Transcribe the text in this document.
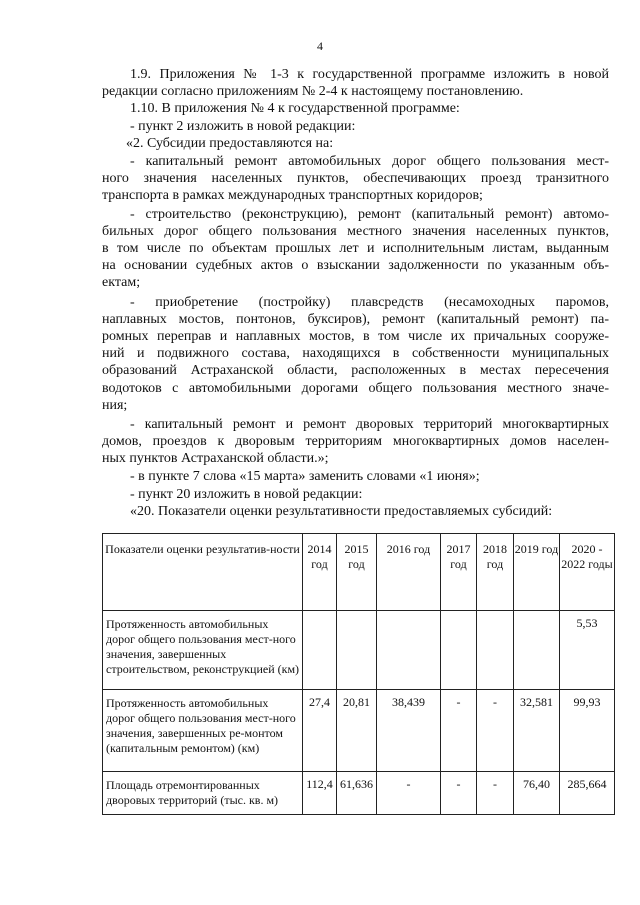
4
1.9. Приложения № 1-3 к государственной программе изложить в новой
редакции согласно приложениям № 2-4 к настоящему постановлению.
1.10. В приложения № 4 к государственной программе:
- пункт 2 изложить в новой редакции:
«2. Субсидии предоставляются на:
- капитальный ремонт автомобильных дорог общего пользования мест-
ного значения населенных пунктов, обеспечивающих проезд транзитного
транспорта в рамках международных транспортных коридоров;
- строительство (реконструкцию), ремонт (капитальный ремонт) автомо-
бильных дорог общего пользования местного значения населенных пунктов,
в том числе по объектам прошлых лет и исполнительным листам, выданным
на основании судебных актов о взыскании задолженности по указанным объ-
ектам;
- приобретение (постройку) плавсредств (несамоходных паромов,
наплавных мостов, понтонов, буксиров), ремонт (капитальный ремонт) па-
ромных переправ и наплавных мостов, в том числе их причальных сооруже-
ний и подвижного состава, находящихся в собственности муниципальных
образований Астраханской области, расположенных в местах пересечения
водотоков с автомобильными дорогами общего пользования местного значе-
ния;
- капитальный ремонт и ремонт дворовых территорий многоквартирных
домов, проездов к дворовым территориям многоквартирных домов населен-
ных пунктов Астраханской области.»;
- в пункте 7 слова «15 марта» заменить словами «1 июня»;
- пункт 20 изложить в новой редакции:
«20. Показатели оценки результативности предоставляемых субсидий:
Показатели оценки результатив-ности	2014 год	2015 год	2016 год	2017 год	2018 год	2019 год	2020 - 2022 годы
Протяженность автомобильных дорог общего пользования мест-ного значения, завершенных строительством, реконструкцией (км)							5,53
Протяженность автомобильных дорог общего пользования мест-ного значения, завершенных ре-монтом (капитальным ремонтом) (км)	27,4	20,81	38,439	-	-	32,581	99,93
Площадь отремонтированных дворовых территорий (тыс. кв. м)	112,4	61,636	-	-	-	76,40	285,664
